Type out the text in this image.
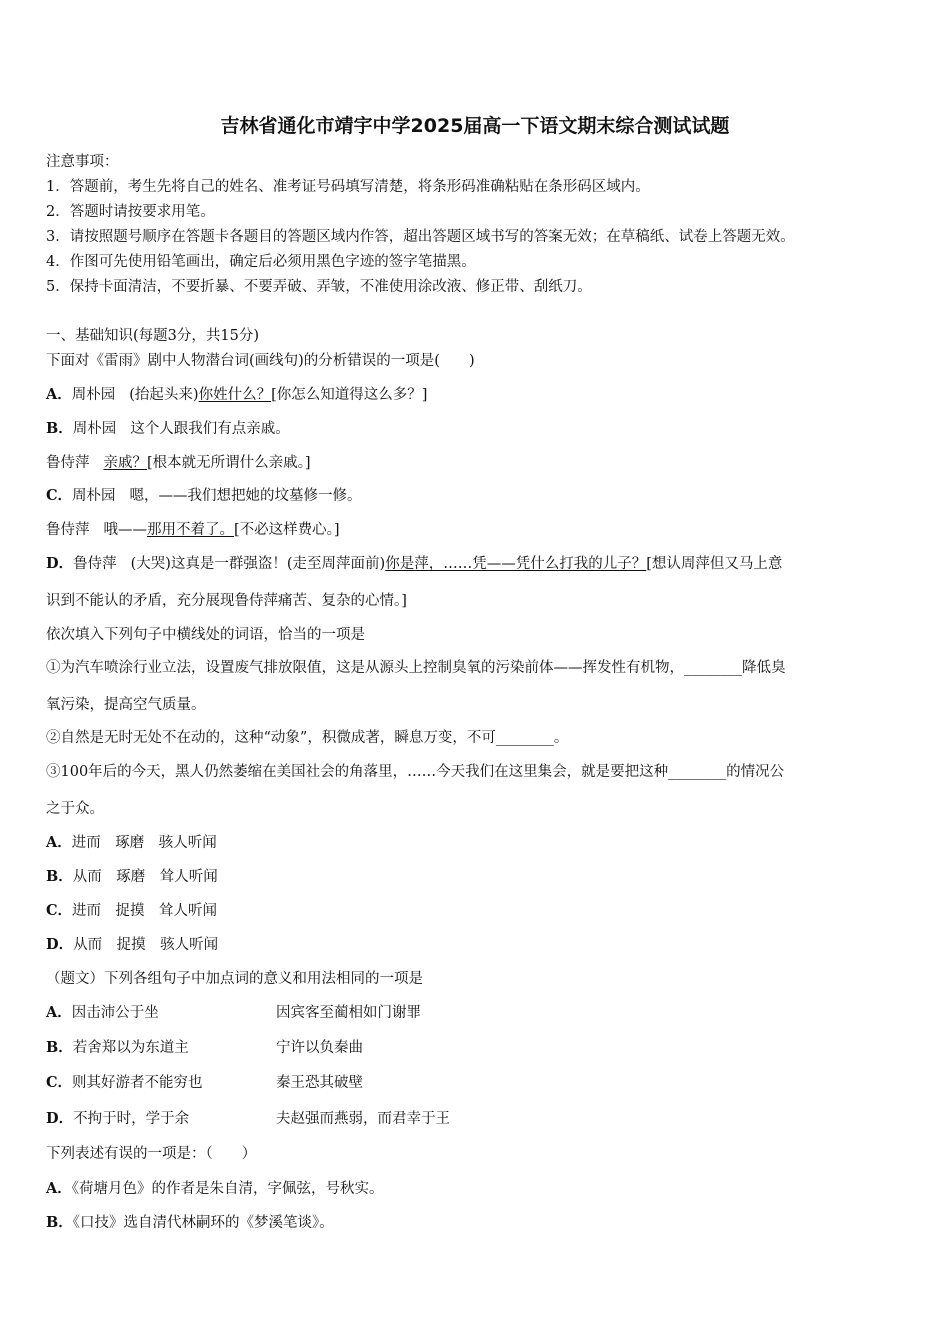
吉林省通化市靖宇中学2025届高一下语文期末综合测试试题
注意事项：
1．答题前，考生先将自己的姓名、准考证号码填写清楚，将条形码准确粘贴在条形码区域内。
2．答题时请按要求用笔。
3．请按照题号顺序在答题卡各题目的答题区域内作答，超出答题区域书写的答案无效；在草稿纸、试卷上答题无效。
4．作图可先使用铅笔画出，确定后必须用黑色字迹的签字笔描黑。
5．保持卡面清洁，不要折暴、不要弄破、弄皱，不准使用涂改液、修正带、刮纸刀。
一、基础知识(每题3分，共15分)
下面对《雷雨》剧中人物潜台词(画线句)的分析错误的一项是(　　)
A．周朴园 (抬起头来)你姓什么？[你怎么知道得这么多？]
B．周朴园 这个人跟我们有点亲戚。
鲁侍萍 亲戚？[根本就无所谓什么亲戚。]
C．周朴园 嗯，——我们想把她的坟墓修一修。
鲁侍萍 哦——那用不着了。[不必这样费心。]
D．鲁侍萍 (大哭)这真是一群强盗！(走至周萍面前)你是萍，……凭——凭什么打我的儿子？[想认周萍但又马上意
识到不能认的矛盾，充分展现鲁侍萍痛苦、复杂的心情。]
依次填入下列句子中横线处的词语，恰当的一项是
①为汽车喷涂行业立法，设置废气排放限值，这是从源头上控制臭氧的污染前体——挥发性有机物，________降低臭
氧污染，提高空气质量。
②自然是无时无处不在动的，这种“动象”，积微成著，瞬息万变，不可________。
③100年后的今天，黑人仍然萎缩在美国社会的角落里，……今天我们在这里集会，就是要把这种________的情况公
之于众。
A．进而　琢磨　骇人听闻
B．从而　琢磨　耸人听闻
C．进而　捉摸　耸人听闻
D．从而　捉摸　骇人听闻
（题文）下列各组句子中加点词的意义和用法相同的一项是
A．因击沛公于坐	因宾客至蔺相如门谢罪
B．若舍郑以为东道主	宁许以负秦曲
C．则其好游者不能穷也	秦王恐其破壁
D．不拘于时，学于余	夫赵强而燕弱，而君幸于王
下列表述有误的一项是：（　　）
A．《荷塘月色》的作者是朱自清，字佩弦，号秋实。
B．《口技》选自清代林嗣环的《梦溪笔谈》。
